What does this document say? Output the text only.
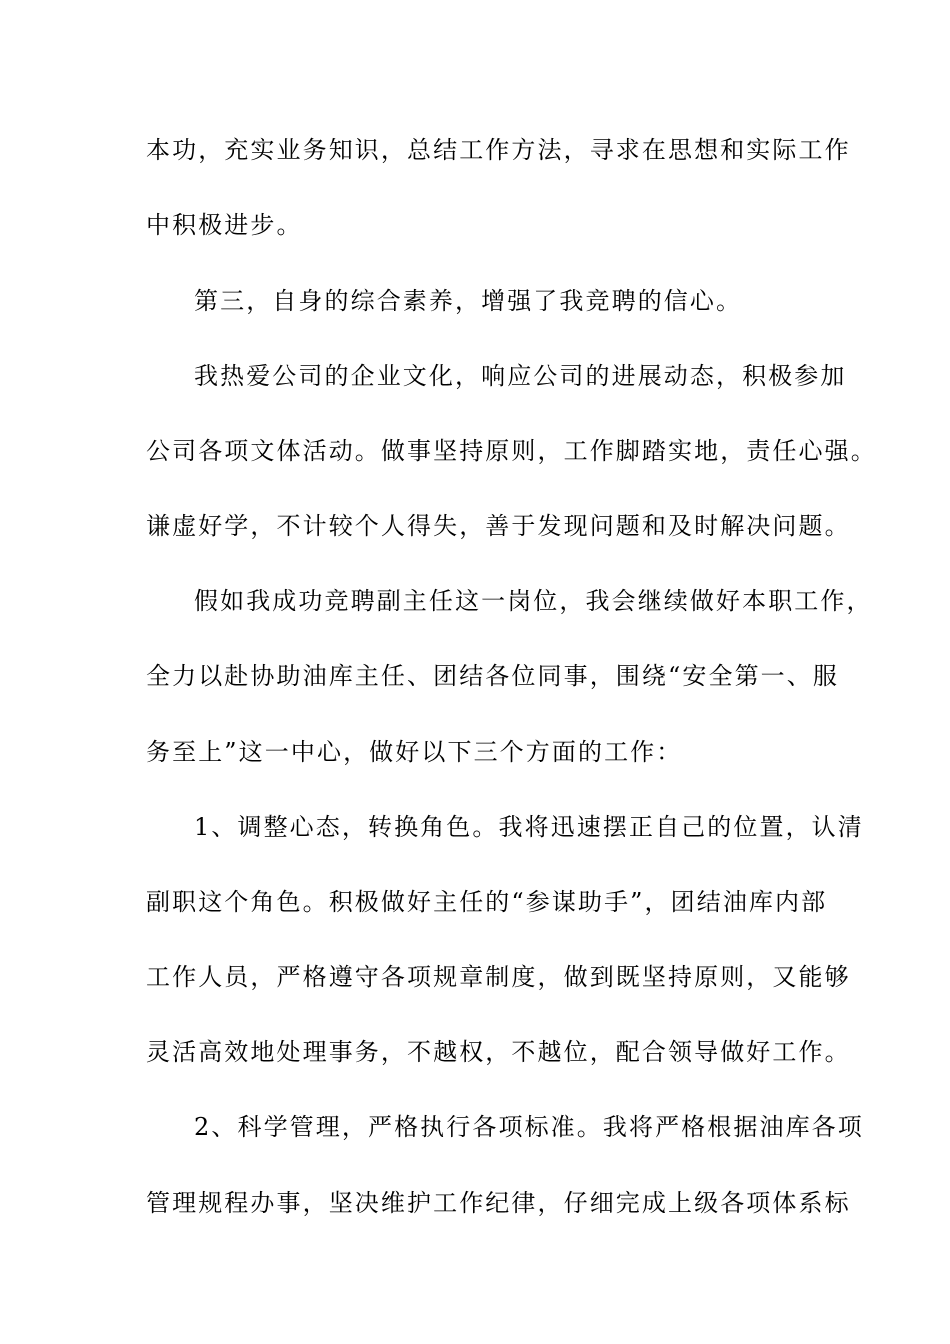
本功，充实业务知识，总结工作方法，寻求在思想和实际工作
中积极进步。
第三，自身的综合素养，增强了我竞聘的信心。
我热爱公司的企业文化，响应公司的进展动态，积极参加
公司各项文体活动。做事坚持原则，工作脚踏实地，责任心强。
谦虚好学，不计较个人得失，善于发现问题和及时解决问题。
假如我成功竞聘副主任这一岗位，我会继续做好本职工作，
全力以赴协助油库主任、团结各位同事，围绕“安全第一、服
务至上”这一中心，做好以下三个方面的工作：
1、调整心态，转换角色。我将迅速摆正自己的位置，认清
副职这个角色。积极做好主任的“参谋助手”，团结油库内部
工作人员，严格遵守各项规章制度，做到既坚持原则，又能够
灵活高效地处理事务，不越权，不越位，配合领导做好工作。
2、科学管理，严格执行各项标准。我将严格根据油库各项
管理规程办事，坚决维护工作纪律，仔细完成上级各项体系标
